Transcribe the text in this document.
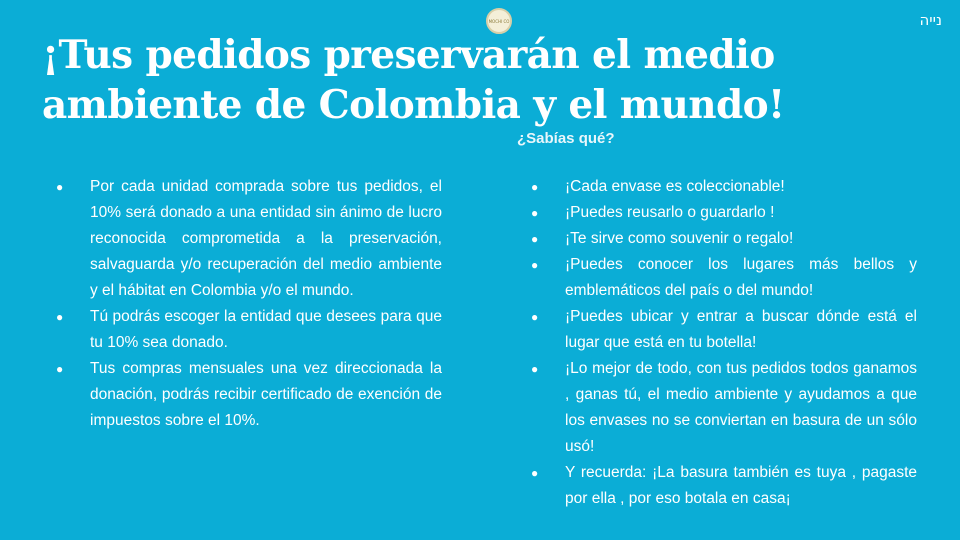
MOCHI CO	נייה
¡Tus pedidos preservarán el medio ambiente de Colombia y el mundo!
¿Sabías qué?
● Por cada unidad comprada sobre tus pedidos, el 10% será donado a una entidad sin ánimo de lucro reconocida comprometida a la preservación, salvaguarda y/o recuperación del medio ambiente y el hábitat en Colombia y/o el mundo.
● Tú podrás escoger la entidad que desees para que tu 10% sea donado.
● Tus compras mensuales una vez direccionada la donación, podrás recibir certificado de exención de impuestos sobre el 10%.
● ¡Cada envase es coleccionable!
● ¡Puedes reusarlo o guardarlo !
● ¡Te sirve como souvenir o regalo!
● ¡Puedes conocer los lugares más bellos y emblemáticos del país o del mundo!
● ¡Puedes ubicar y entrar a buscar dónde está el lugar que está en tu botella!
● ¡Lo mejor de todo, con tus pedidos todos ganamos , ganas tú, el medio ambiente y ayudamos a que los envases no se conviertan en basura de un sólo usó!
● Y recuerda: ¡La basura también es tuya , pagaste por ella , por eso botala en casa¡
